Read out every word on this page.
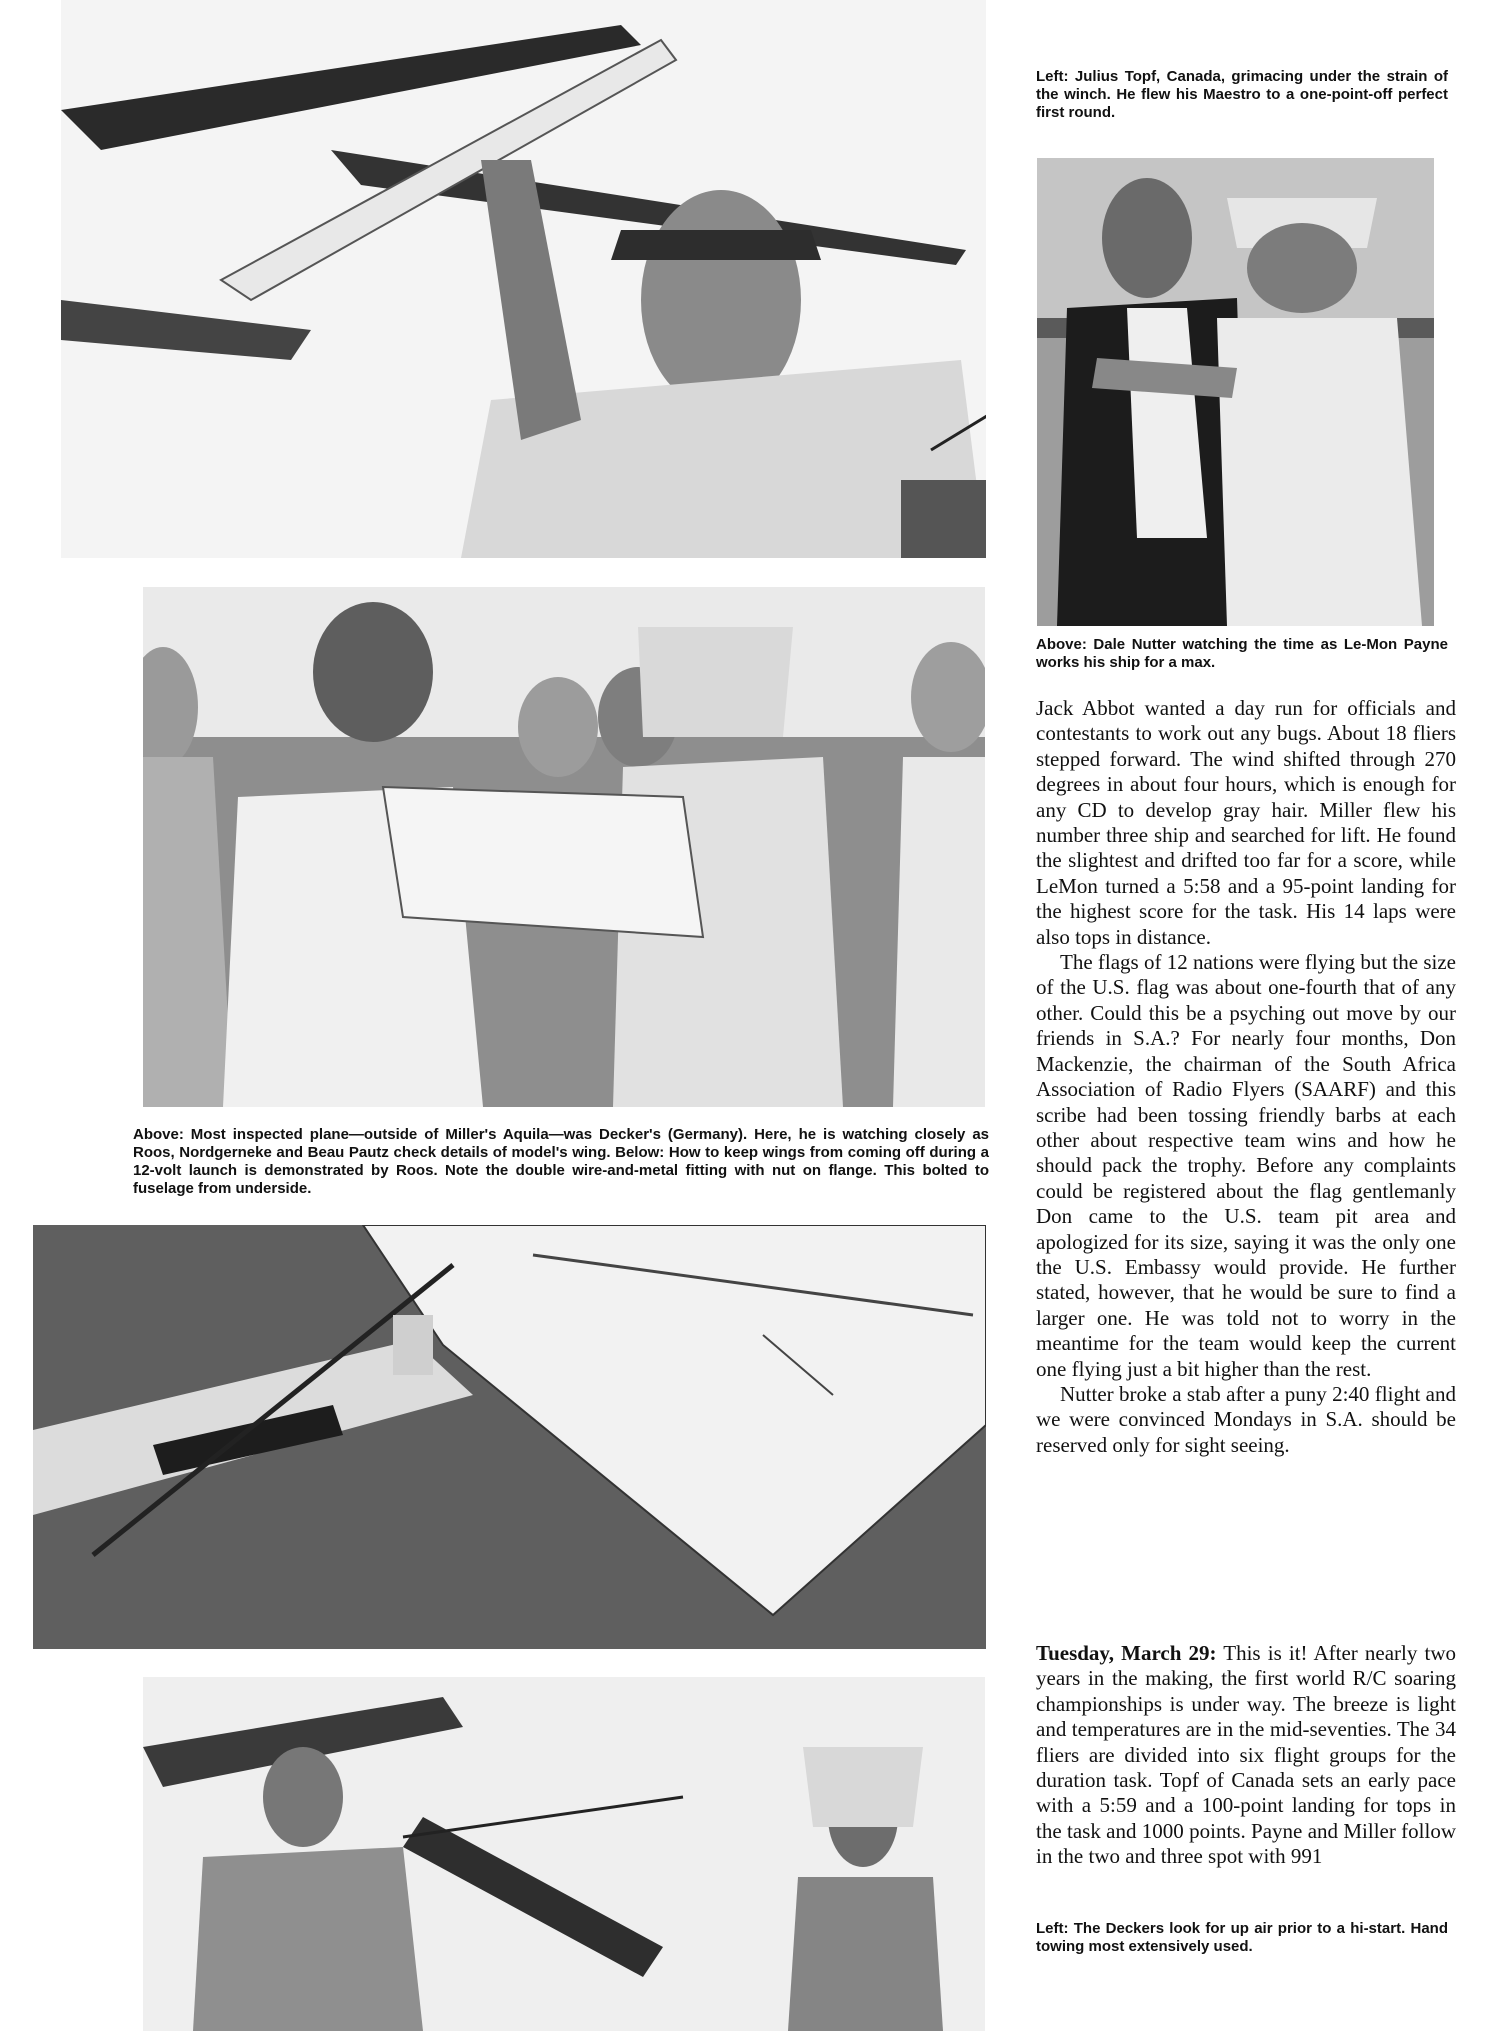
Left: Julius Topf, Canada, grimacing under the strain of the winch. He flew his Maestro to a one-point-off perfect first round.
Above: Dale Nutter watching the time as Le-Mon Payne works his ship for a max.
Above: Most inspected plane—outside of Miller's Aquila—was Decker's (Germany). Here, he is watching closely as Roos, Nordgerneke and Beau Pautz check details of model's wing. Below: How to keep wings from coming off during a 12-volt launch is demonstrated by Roos. Note the double wire-and-metal fitting with nut on flange. This bolted to fuselage from underside.

Jack Abbot wanted a day run for officials and contestants to work out any bugs. About 18 fliers stepped forward. The wind shifted through 270 degrees in about four hours, which is enough for any CD to develop gray hair. Miller flew his number three ship and searched for lift. He found the slightest and drifted too far for a score, while LeMon turned a 5:58 and a 95-point landing for the highest score for the task. His 14 laps were also tops in distance.

The flags of 12 nations were flying but the size of the U.S. flag was about one-fourth that of any other. Could this be a psyching out move by our friends in S.A.? For nearly four months, Don Mackenzie, the chairman of the South Africa Association of Radio Flyers (SAARF) and this scribe had been tossing friendly barbs at each other about respective team wins and how he should pack the trophy. Before any complaints could be registered about the flag gentlemanly Don came to the U.S. team pit area and apologized for its size, saying it was the only one the U.S. Embassy would provide. He further stated, however, that he would be sure to find a larger one. He was told not to worry in the meantime for the team would keep the current one flying just a bit higher than the rest.

Nutter broke a stab after a puny 2:40 flight and we were convinced Mondays in S.A. should be reserved only for sight seeing.

Tuesday, March 29: This is it! After nearly two years in the making, the first world R/C soaring championships is under way. The breeze is light and temperatures are in the mid-seventies. The 34 fliers are divided into six flight groups for the duration task. Topf of Canada sets an early pace with a 5:59 and a 100-point landing for tops in the task and 1000 points. Payne and Miller follow in the two and three spot with 991

Left: The Deckers look for up air prior to a hi-start. Hand towing most extensively used.
